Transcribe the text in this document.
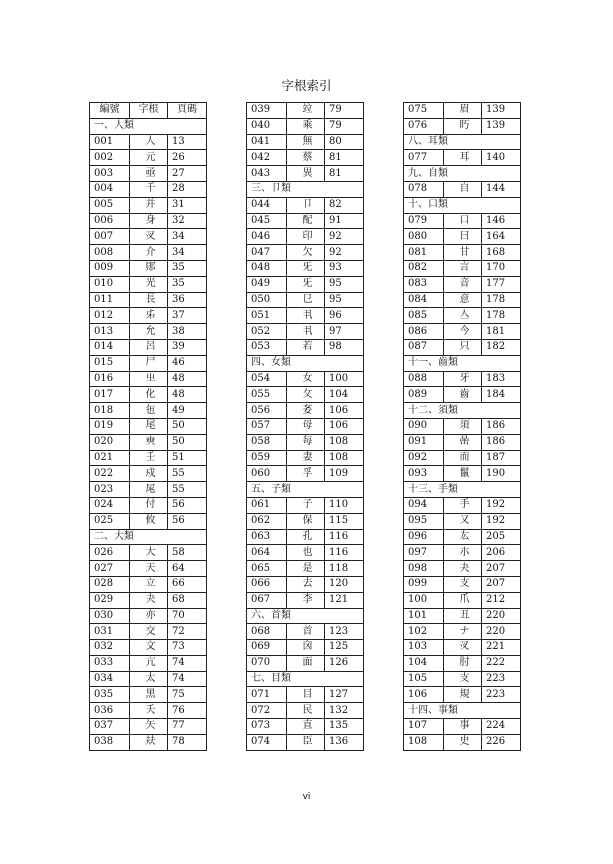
字根索引
編號	字根	頁碼
一、人類		
001	人	13
002	元	26
003	亟	27
004	千	28
005	并	31
006	身	32
007	㕚	34
008	介	34
009	郥	35
010	光	35
011	長	36
012	𠂔	37
013	允	38
014	呂	39
015	尸	46
016	㞢	48
017	化	48
018	㐌	49
019	尾	50
020	𡘲	50
021	壬	51
022	戍	55
023	㞑	55
024	付	56
025	攸	56
二、大類		
026	大	58
027	天	64
028	立	66
029	夬	68
030	亦	70
031	交	72
032	文	73
033	亢	74
034	太	74
035	黑	75
036	夭	76
037	矢	77
038	㚘	78
039	竝	79
040	乘	79
041	無	80
042	蔡	81
043	異	81
三、卩類		
044	卩	82
045	配	91
046	印	92
047	欠	92
048	旡	93
049	旡	95
050	㔾	95
051	丮	96
052	丮	97
053	若	98
四、女類		
054	女	100
055	攵	104
056	㚣	106
057	母	106
058	每	108
059	妻	108
060	孚	109
五、子類		
061	子	110
062	保	115
063	孔	116
064	也	116
065	是	118
066	去	120
067	李	121
六、首類		
068	首	123
069	囟	125
070	面	126
七、目類		
071	目	127
072	民	132
073	直	135
074	臣	136
075	眉	139
076	䀎	139
八、耳類		
077	耳	140
九、自類		
078	自	144
十、口類		
079	口	146
080	曰	164
081	甘	168
082	言	170
083	音	177
084	意	178
085	亼	178
086	今	181
087	只	182
十一、齒類		
088	牙	183
089	齒	184
十二、須類		
090	須	186
091	喦	186
092	而	187
093	鬣	190
十三、手類		
094	手	192
095	又	192
096	厷	205
097	朩	206
098	夬	207
099	支	207
100	爪	212
101	丑	220
102	ナ	220
103	㕚	221
104	肘	222
105	支	223
106	規	223
十四、事類		
107	事	224
108	史	226
vi
